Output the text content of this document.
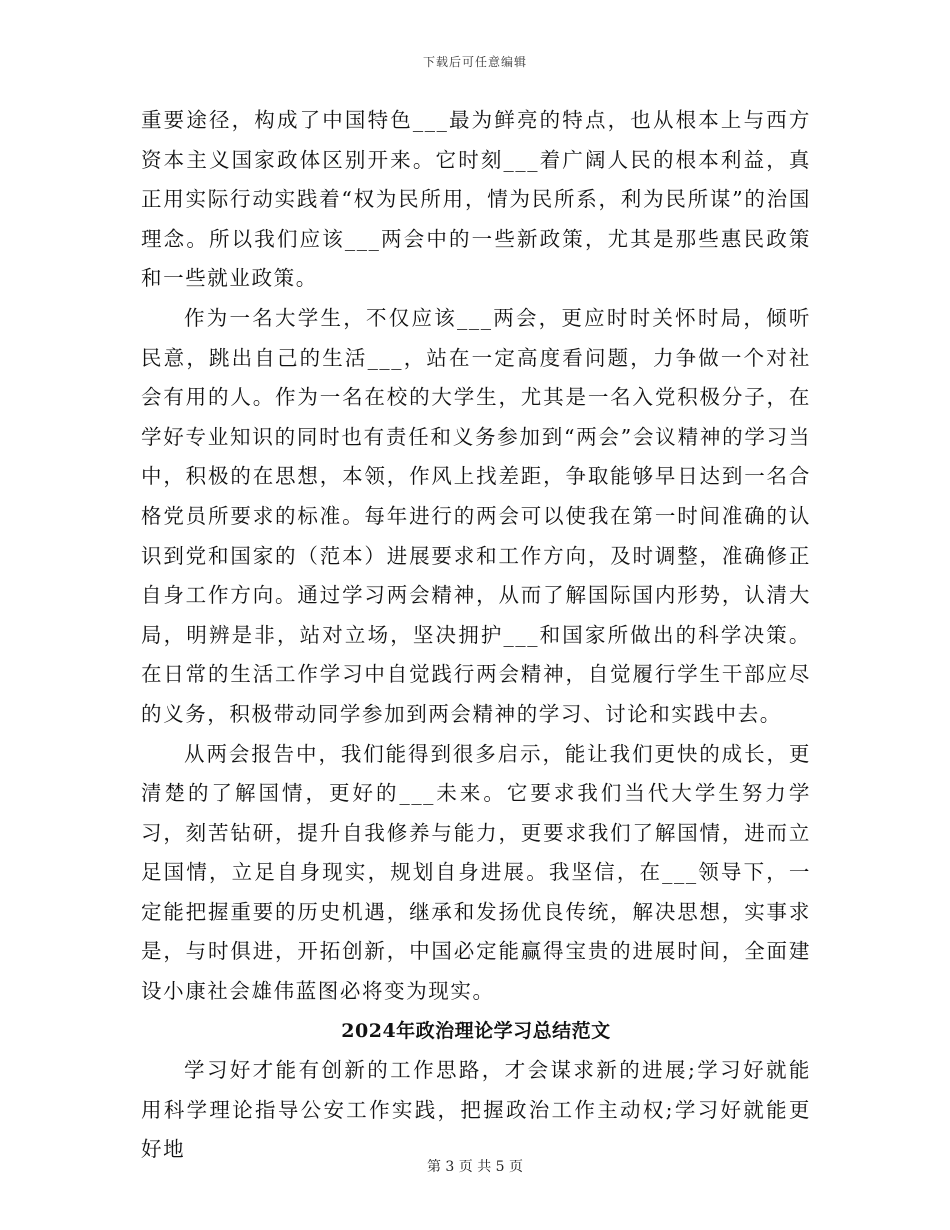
下载后可任意编辑

重要途径，构成了中国特色___最为鲜亮的特点，也从根本上与西方资本主义国家政体区别开来。它时刻___着广阔人民的根本利益，真正用实际行动实践着“权为民所用，情为民所系，利为民所谋”的治国理念。所以我们应该___两会中的一些新政策，尤其是那些惠民政策和一些就业政策。

作为一名大学生，不仅应该___两会，更应时时关怀时局，倾听民意，跳出自己的生活___，站在一定高度看问题，力争做一个对社会有用的人。作为一名在校的大学生，尤其是一名入党积极分子，在学好专业知识的同时也有责任和义务参加到“两会”会议精神的学习当中，积极的在思想，本领，作风上找差距，争取能够早日达到一名合格党员所要求的标准。每年进行的两会可以使我在第一时间准确的认识到党和国家的（范本）进展要求和工作方向，及时调整，准确修正自身工作方向。通过学习两会精神，从而了解国际国内形势，认清大局，明辨是非，站对立场，坚决拥护___和国家所做出的科学决策。在日常的生活工作学习中自觉践行两会精神，自觉履行学生干部应尽的义务，积极带动同学参加到两会精神的学习、讨论和实践中去。

从两会报告中，我们能得到很多启示，能让我们更快的成长，更清楚的了解国情，更好的___未来。它要求我们当代大学生努力学习，刻苦钻研，提升自我修养与能力，更要求我们了解国情，进而立足国情，立足自身现实，规划自身进展。我坚信，在___领导下，一定能把握重要的历史机遇，继承和发扬优良传统，解决思想，实事求是，与时俱进，开拓创新，中国必定能赢得宝贵的进展时间，全面建设小康社会雄伟蓝图必将变为现实。

2024年政治理论学习总结范文

学习好才能有创新的工作思路，才会谋求新的进展;学习好就能用科学理论指导公安工作实践，把握政治工作主动权;学习好就能更好地

第 3 页 共 5 页
